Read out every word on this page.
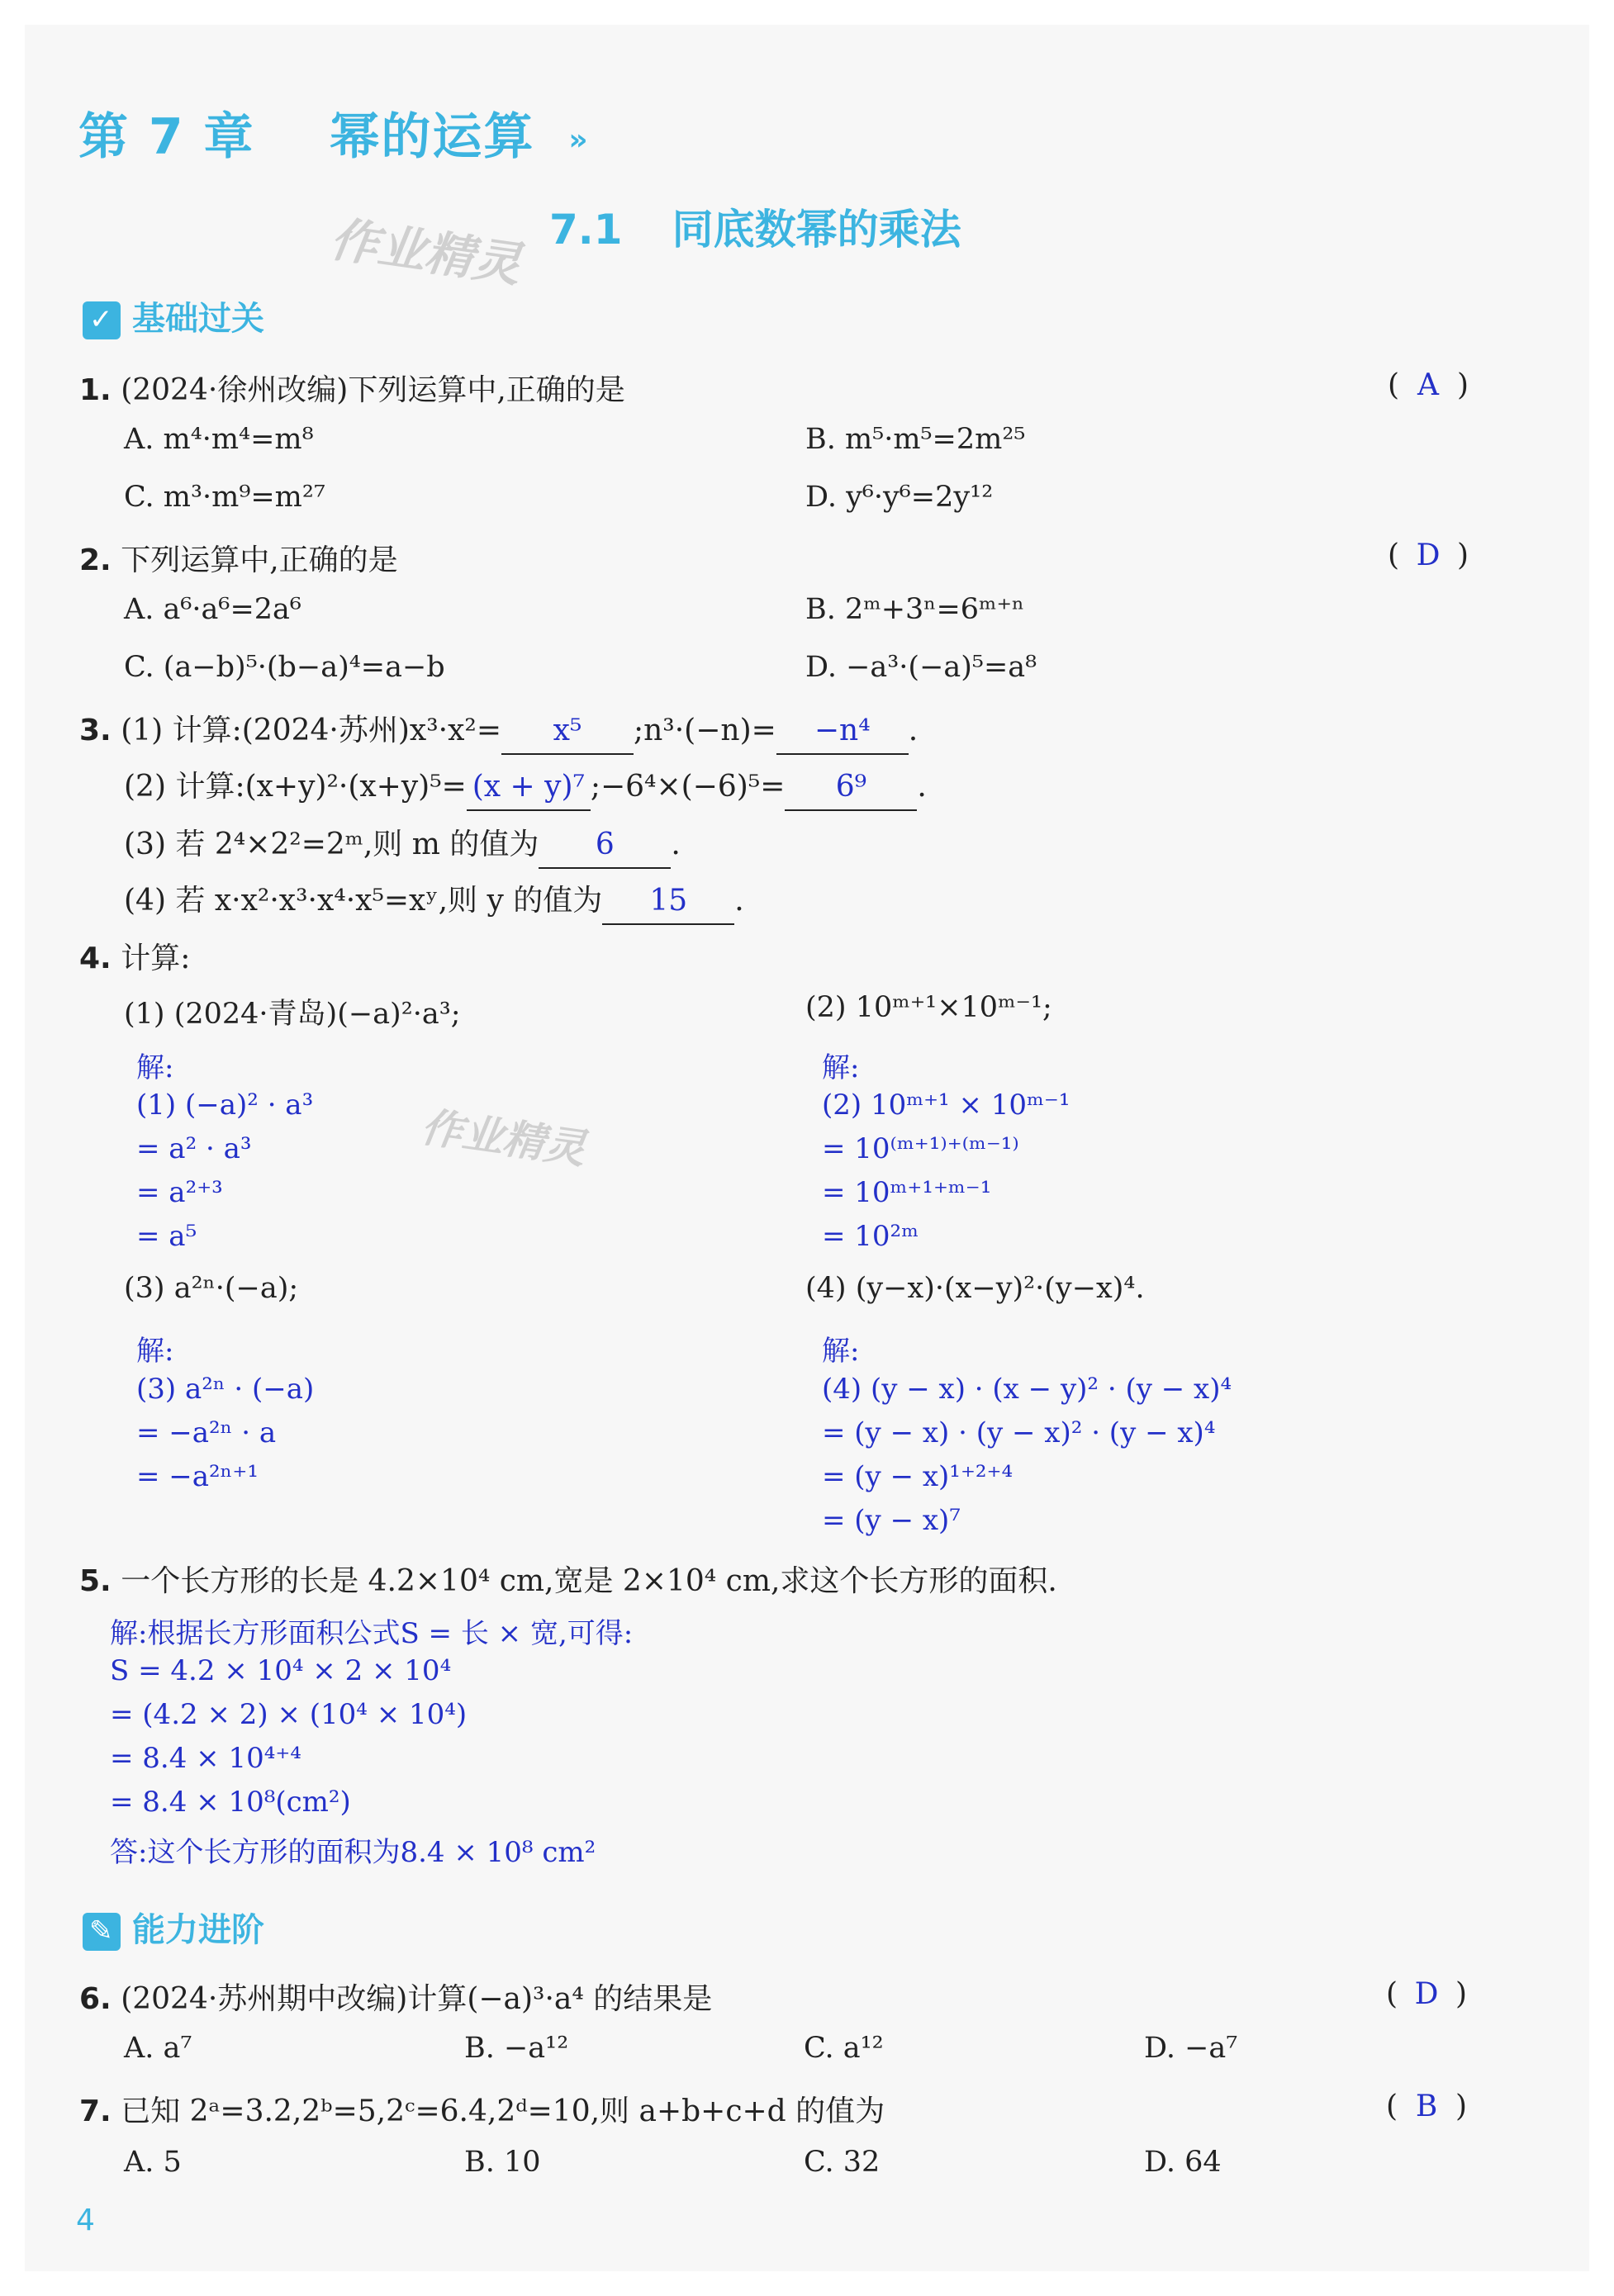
第 7 章 幂的运算 »
作业精灵 7.1 同底数幂的乘法
✓ 基础过关
1. (2024·徐州改编)下列运算中,正确的是	( A )
A. m⁴·m⁴=m⁸	B. m⁵·m⁵=2m²⁵
C. m³·m⁹=m²⁷	D. y⁶·y⁶=2y¹²
2. 下列运算中,正确的是	( D )
A. a⁶·a⁶=2a⁶	B. 2ᵐ+3ⁿ=6ᵐ⁺ⁿ
C. (a−b)⁵·(b−a)⁴=a−b	D. −a³·(−a)⁵=a⁸
3. (1) 计算:(2024·苏州)x³·x²= x⁵ ;n³·(−n)= −n⁴ .
(2) 计算:(x+y)²·(x+y)⁵= (x + y)⁷ ;−6⁴×(−6)⁵= 6⁹ .
(3) 若 2⁴×2²=2ᵐ,则 m 的值为 6 .
(4) 若 x·x²·x³·x⁴·x⁵=xʸ,则 y 的值为 15 .
4. 计算:
(1) (2024·青岛)(−a)²·a³;	(2) 10ᵐ⁺¹×10ᵐ⁻¹;
作业精灵
解:
(1) (−a)² · a³
= a² · a³
= a²⁺³
= a⁵
解:
(2) 10ᵐ⁺¹ × 10ᵐ⁻¹
= 10⁽ᵐ⁺¹⁾⁺⁽ᵐ⁻¹⁾
= 10ᵐ⁺¹⁺ᵐ⁻¹
= 10²ᵐ
(3) a²ⁿ·(−a);	(4) (y−x)·(x−y)²·(y−x)⁴.
解:
(3) a²ⁿ · (−a)
= −a²ⁿ · a
= −a²ⁿ⁺¹
解:
(4) (y − x) · (x − y)² · (y − x)⁴
= (y − x) · (y − x)² · (y − x)⁴
= (y − x)¹⁺²⁺⁴
= (y − x)⁷
5. 一个长方形的长是 4.2×10⁴ cm,宽是 2×10⁴ cm,求这个长方形的面积.
解:根据长方形面积公式S = 长 × 宽,可得:
S = 4.2 × 10⁴ × 2 × 10⁴
= (4.2 × 2) × (10⁴ × 10⁴)
= 8.4 × 10⁴⁺⁴
= 8.4 × 10⁸(cm²)
答:这个长方形的面积为8.4 × 10⁸ cm²
✎ 能力进阶
6. (2024·苏州期中改编)计算(−a)³·a⁴ 的结果是	( D )
A. a⁷	B. −a¹²	C. a¹²	D. −a⁷
7. 已知 2ᵃ=3.2,2ᵇ=5,2ᶜ=6.4,2ᵈ=10,则 a+b+c+d 的值为	( B )
A. 5	B. 10	C. 32	D. 64
4
